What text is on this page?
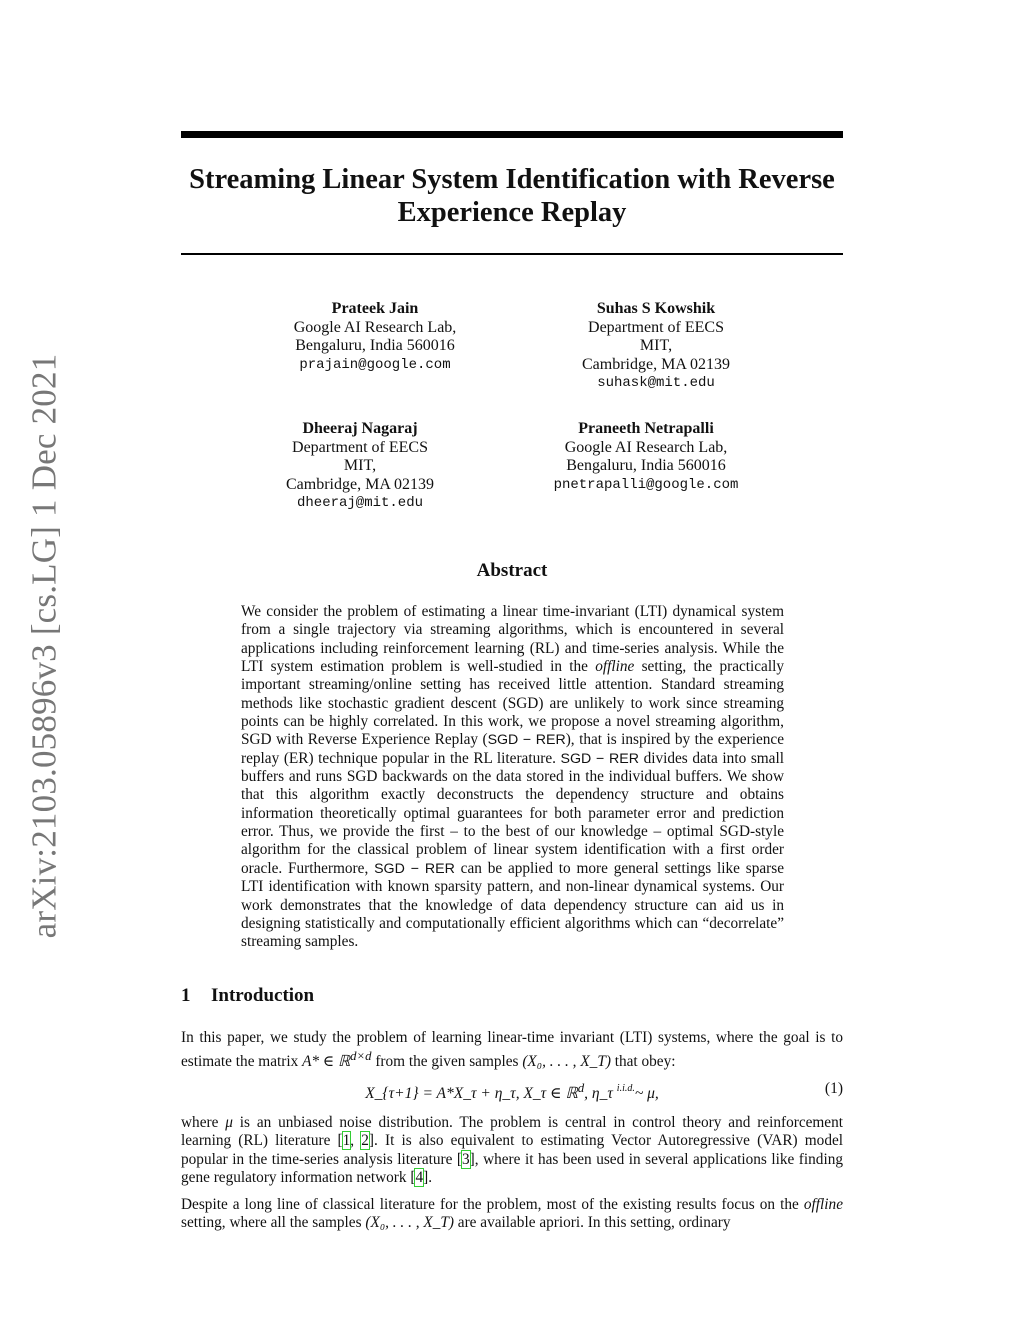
arXiv:2103.05896v3 [cs.LG] 1 Dec 2021
Streaming Linear System Identification with Reverse Experience Replay
Prateek Jain
Google AI Research Lab,
Bengaluru, India 560016
prajain@google.com
Suhas S Kowshik
Department of EECS
MIT,
Cambridge, MA 02139
suhask@mit.edu
Dheeraj Nagaraj
Department of EECS
MIT,
Cambridge, MA 02139
dheeraj@mit.edu
Praneeth Netrapalli
Google AI Research Lab,
Bengaluru, India 560016
pnetrapalli@google.com
Abstract

We consider the problem of estimating a linear time-invariant (LTI) dynamical system from a single trajectory via streaming algorithms, which is encountered in several applications including reinforcement learning (RL) and time-series analysis. While the LTI system estimation problem is well-studied in the offline setting, the practically important streaming/online setting has received little attention. Standard streaming methods like stochastic gradient descent (SGD) are unlikely to work since streaming points can be highly correlated. In this work, we propose a novel streaming algorithm, SGD with Reverse Experience Replay (SGD − RER), that is inspired by the experience replay (ER) technique popular in the RL literature. SGD − RER divides data into small buffers and runs SGD backwards on the data stored in the individual buffers. We show that this algorithm exactly deconstructs the dependency structure and obtains information theoretically optimal guarantees for both parameter error and prediction error. Thus, we provide the first – to the best of our knowledge – optimal SGD-style algorithm for the classical problem of linear system identification with a first order oracle. Furthermore, SGD − RER can be applied to more general settings like sparse LTI identification with known sparsity pattern, and non-linear dynamical systems. Our work demonstrates that the knowledge of data dependency structure can aid us in designing statistically and computationally efficient algorithms which can “decorrelate” streaming samples.

1 Introduction

In this paper, we study the problem of learning linear-time invariant (LTI) systems, where the goal is to estimate the matrix A* ∈ ℝ$^{d\times d}$ from the given samples (X₀, . . . , X_T) that obey:

X_{τ+1} = A*X_τ + η_τ, X_τ ∈ ℝ$^d$, η_τ $^{i.i.d.}$~ μ,	(1)

where μ is an unbiased noise distribution. The problem is central in control theory and reinforcement learning (RL) literature [1, 2]. It is also equivalent to estimating Vector Autoregressive (VAR) model popular in the time-series analysis literature [3], where it has been used in several applications like finding gene regulatory information network [4].

Despite a long line of classical literature for the problem, most of the existing results focus on the offline setting, where all the samples (X₀, . . . , X_T) are available apriori. In this setting, ordinary
